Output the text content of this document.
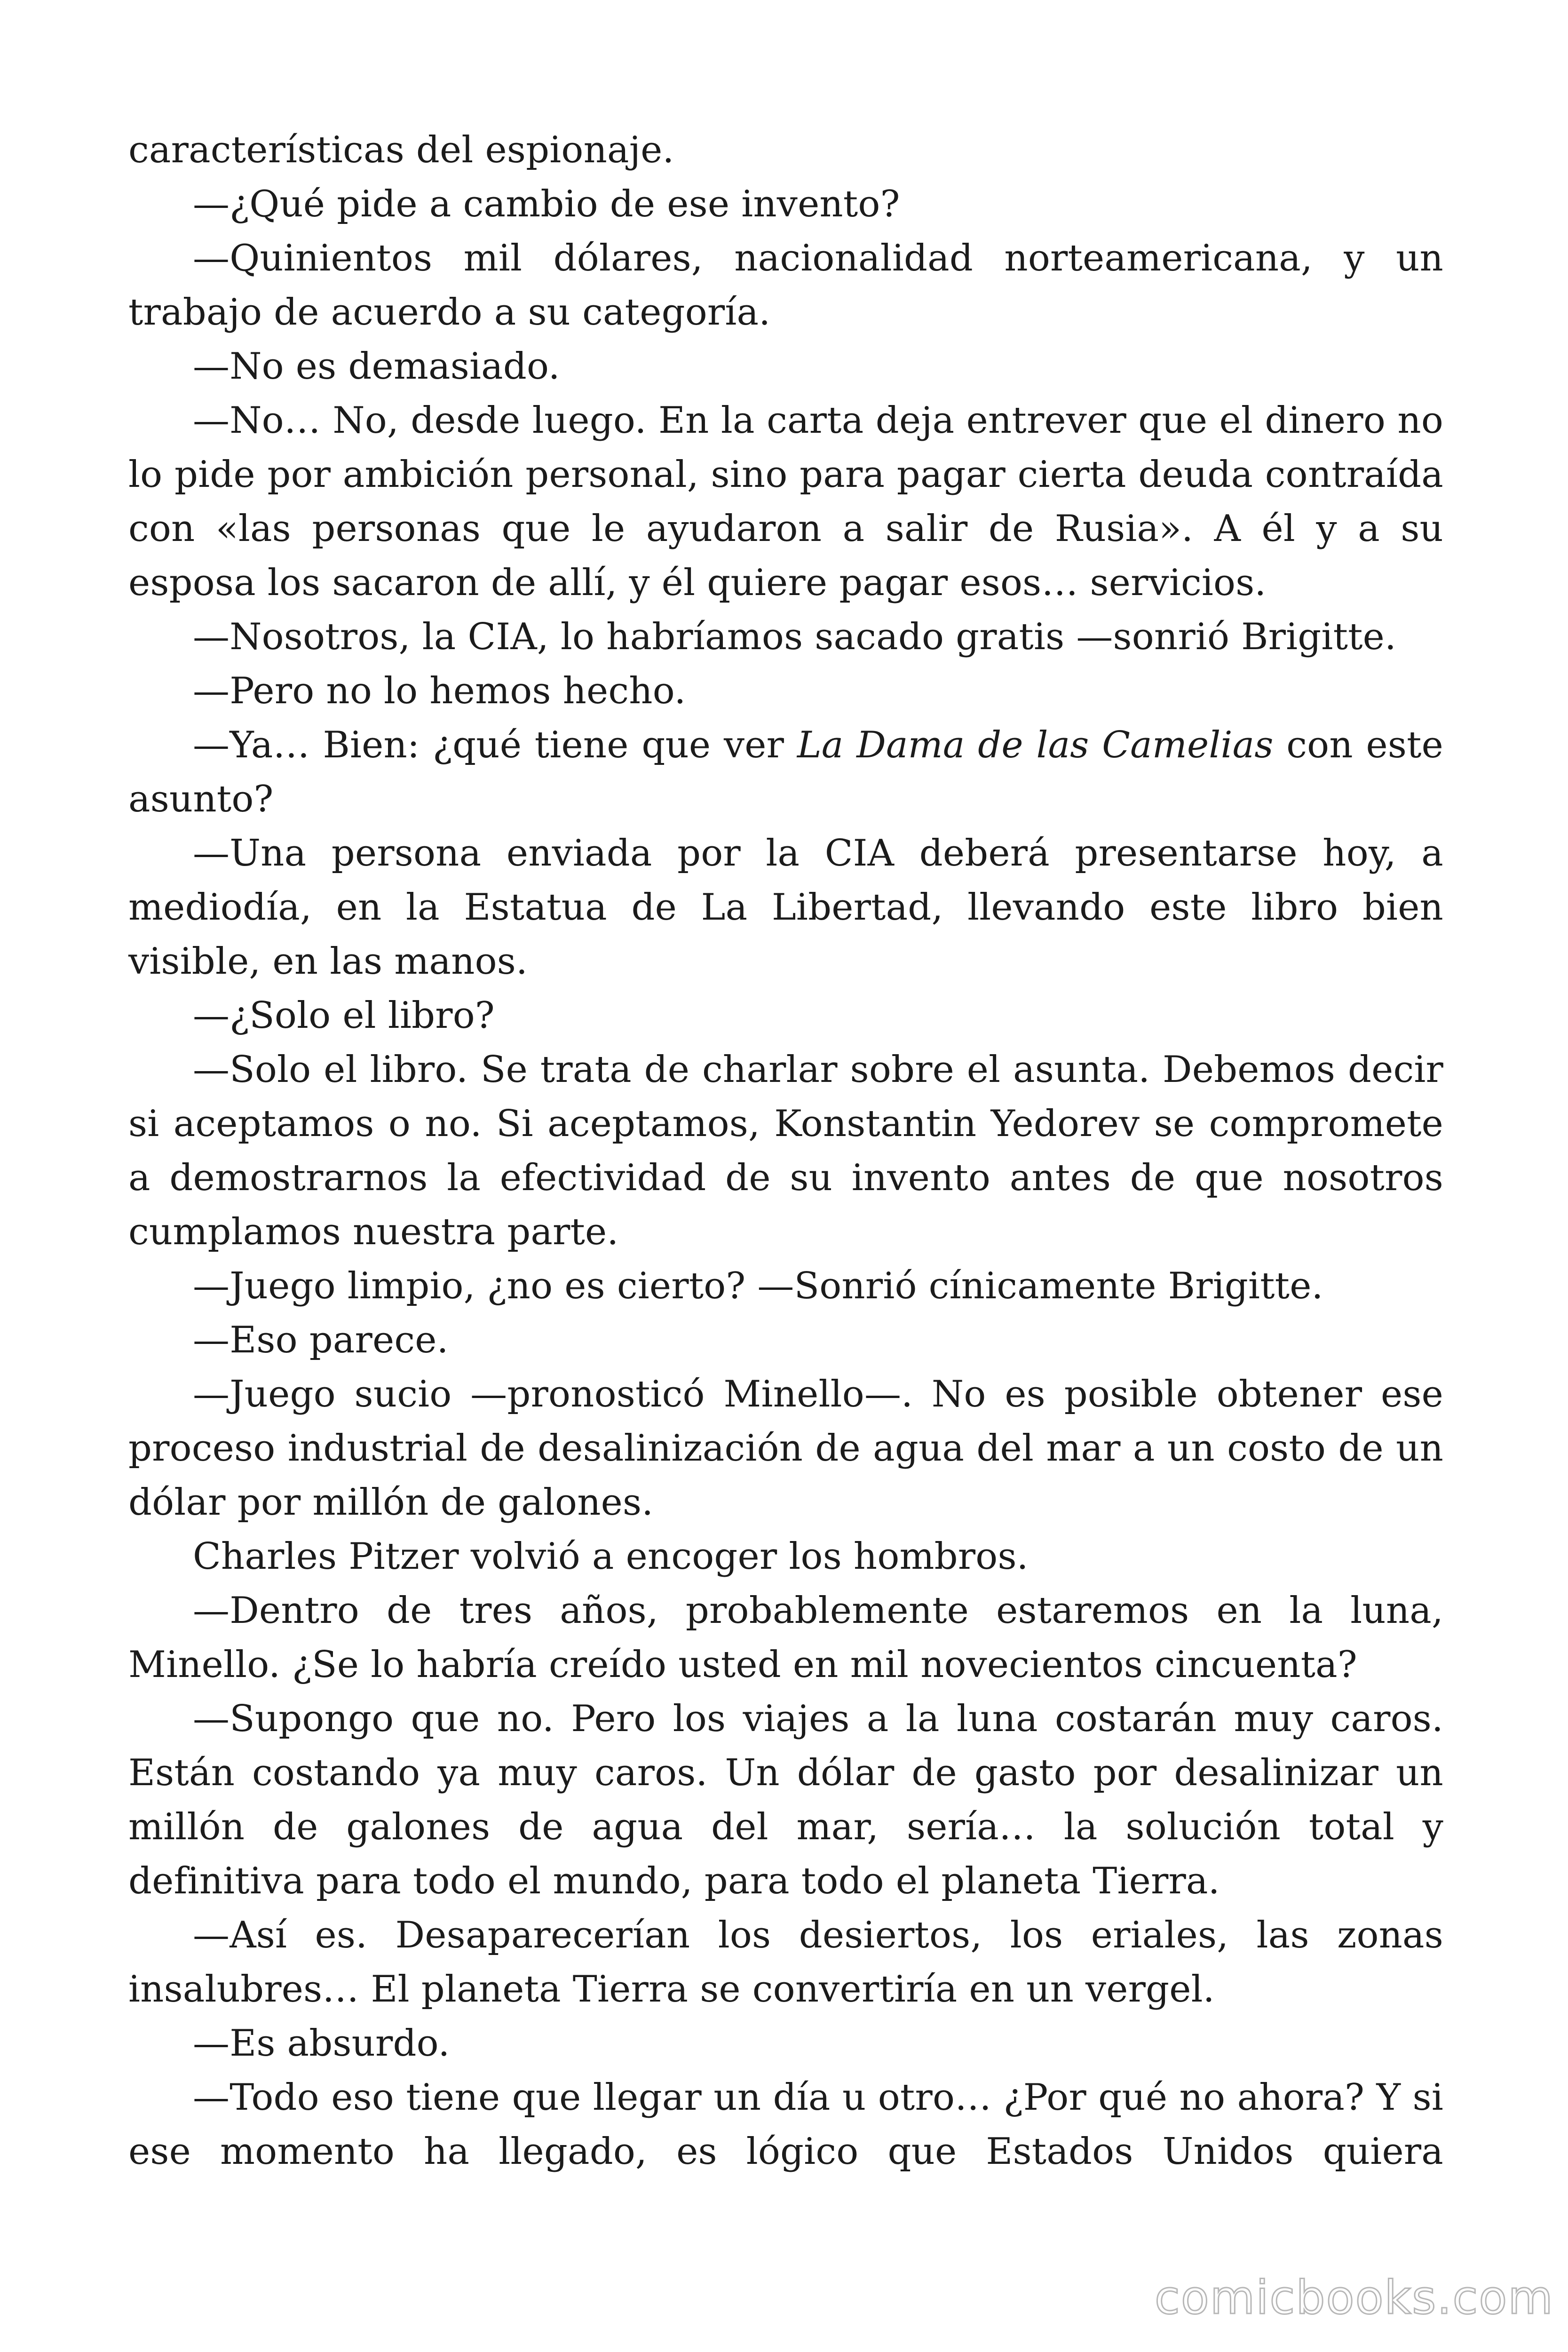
características del espionaje.

—¿Qué pide a cambio de ese invento?

—Quinientos mil dólares, nacionalidad norteamericana, y un trabajo de acuerdo a su categoría.

—No es demasiado.

—No… No, desde luego. En la carta deja entrever que el dinero no lo pide por ambición personal, sino para pagar cierta deuda contraída con «las personas que le ayudaron a salir de Rusia». A él y a su esposa los sacaron de allí, y él quiere pagar esos… servicios.

—Nosotros, la CIA, lo habríamos sacado gratis —sonrió Brigitte.

—Pero no lo hemos hecho.

—Ya… Bien: ¿qué tiene que ver La Dama de las Camelias con este asunto?

—Una persona enviada por la CIA deberá presentarse hoy, a mediodía, en la Estatua de La Libertad, llevando este libro bien visible, en las manos.

—¿Solo el libro?

—Solo el libro. Se trata de charlar sobre el asunta. Debemos decir si aceptamos o no. Si aceptamos, Konstantin Yedorev se compromete a demostrarnos la efectividad de su invento antes de que nosotros cumplamos nuestra parte.

—Juego limpio, ¿no es cierto? —Sonrió cínicamente Brigitte.

—Eso parece.

—Juego sucio —pronosticó Minello—. No es posible obtener ese proceso industrial de desalinización de agua del mar a un costo de un dólar por millón de galones.

Charles Pitzer volvió a encoger los hombros.

—Dentro de tres años, probablemente estaremos en la luna, Minello. ¿Se lo habría creído usted en mil novecientos cincuenta?

—Supongo que no. Pero los viajes a la luna costarán muy caros. Están costando ya muy caros. Un dólar de gasto por desalinizar un millón de galones de agua del mar, sería… la solución total y definitiva para todo el mundo, para todo el planeta Tierra.

—Así es. Desaparecerían los desiertos, los eriales, las zonas insalubres… El planeta Tierra se convertiría en un vergel.

—Es absurdo.

—Todo eso tiene que llegar un día u otro… ¿Por qué no ahora? Y si ese momento ha llegado, es lógico que Estados Unidos quiera

comicbooks.com
